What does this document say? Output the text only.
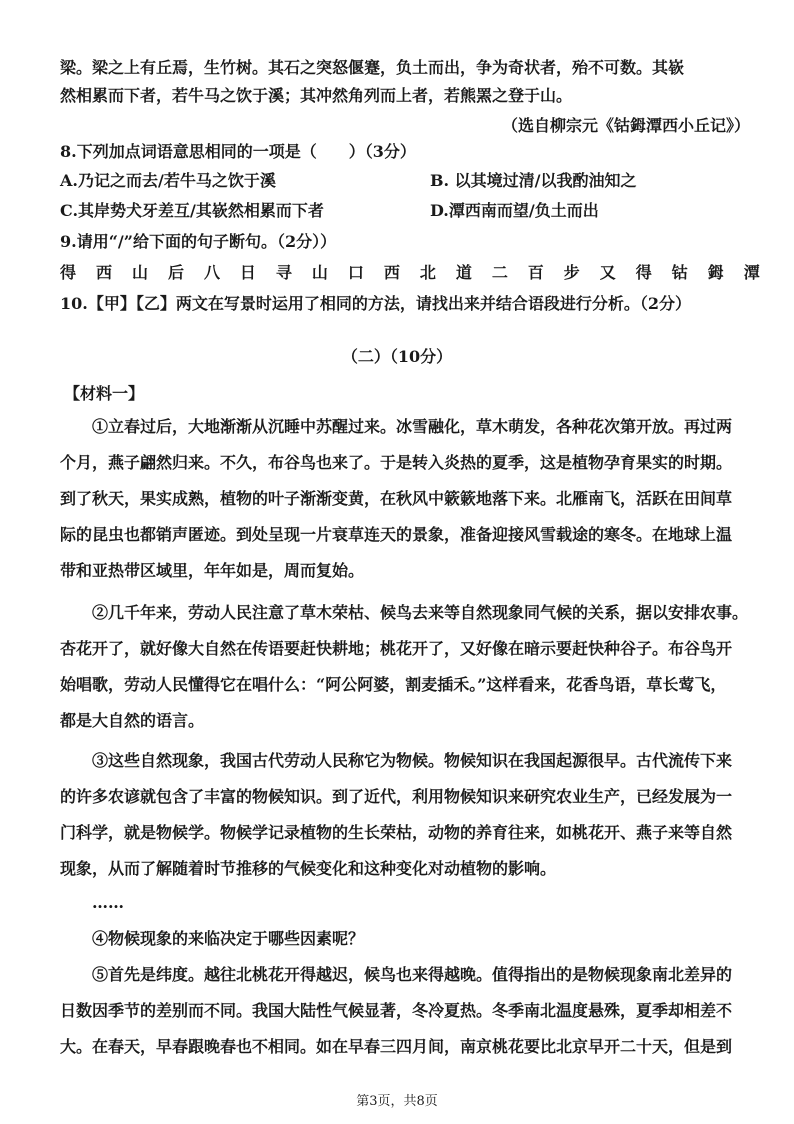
梁。梁之上有丘焉，生竹树。其石之突怒偃蹇，负土而出，争为奇状者，殆不可数。其嵚
然相累而下者，若牛马之饮于溪；其冲然角列而上者，若熊罴之登于山。
（选自柳宗元《钴鉧潭西小丘记》）
8.下列加点词语意思相同的一项是（　　）（3分）
A.乃记之而去/若牛马之饮于溪	B. 以其境过清/以我酌油知之
C.其岸势犬牙差互/其嵚然相累而下者	D.潭西南而望/负土而出
9.请用“/”给下面的句子断句。（2分））
得 西 山 后 八 日 寻 山 口 西 北 道 二 百 步 又 得 钴 鉧 潭
10.【甲】【乙】两文在写景时运用了相同的方法，请找出来并结合语段进行分析。（2分）
（二）（10分）
【材料一】
①立春过后，大地渐渐从沉睡中苏醒过来。冰雪融化，草木萌发，各种花次第开放。再过两
个月，燕子翩然归来。不久，布谷鸟也来了。于是转入炎热的夏季，这是植物孕育果实的时期。
到了秋天，果实成熟，植物的叶子渐渐变黄，在秋风中簌簌地落下来。北雁南飞，活跃在田间草
际的昆虫也都销声匿迹。到处呈现一片衰草连天的景象，准备迎接风雪载途的寒冬。在地球上温
带和亚热带区域里，年年如是，周而复始。
②几千年来，劳动人民注意了草木荣枯、候鸟去来等自然现象同气候的关系，据以安排农事。
杏花开了，就好像大自然在传语要赶快耕地；桃花开了，又好像在暗示要赶快种谷子。布谷鸟开
始唱歌，劳动人民懂得它在唱什么：“阿公阿婆，割麦插禾。”这样看来，花香鸟语，草长莺飞，
都是大自然的语言。
③这些自然现象，我国古代劳动人民称它为物候。物候知识在我国起源很早。古代流传下来
的许多农谚就包含了丰富的物候知识。到了近代，利用物候知识来研究农业生产，已经发展为一
门科学，就是物候学。物候学记录植物的生长荣枯，动物的养育往来，如桃花开、燕子来等自然
现象，从而了解随着时节推移的气候变化和这种变化对动植物的影响。
……
④物候现象的来临决定于哪些因素呢？
⑤首先是纬度。越往北桃花开得越迟，候鸟也来得越晚。值得指出的是物候现象南北差异的
日数因季节的差别而不同。我国大陆性气候显著，冬冷夏热。冬季南北温度悬殊，夏季却相差不
大。在春天，早春跟晚春也不相同。如在早春三四月间，南京桃花要比北京早开二十天，但是到
第3页，共8页
